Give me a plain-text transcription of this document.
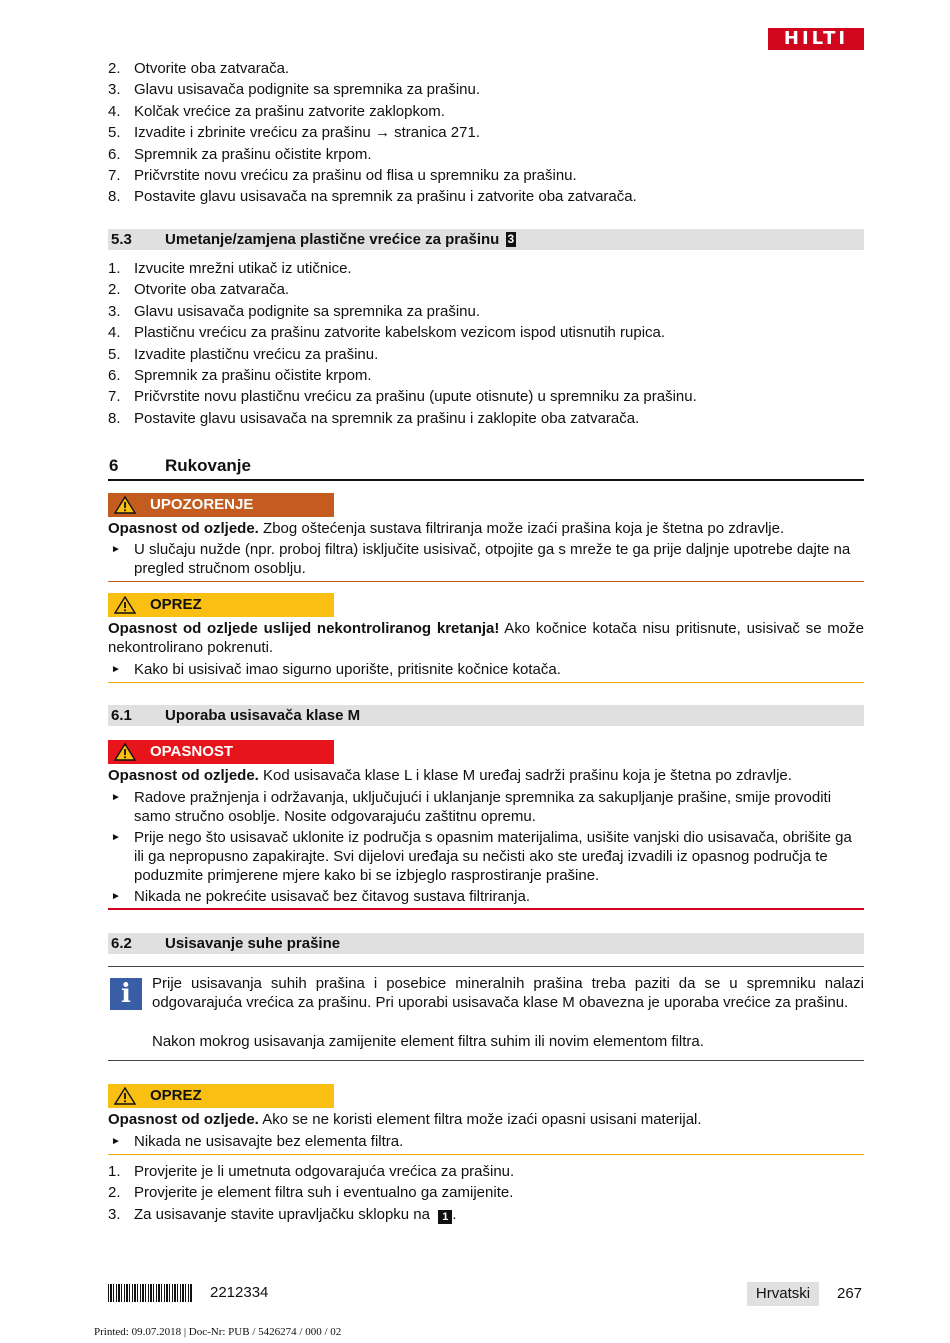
HILTI
2. Otvorite oba zatvarača.
3. Glavu usisavača podignite sa spremnika za prašinu.
4. Kolčak vrećice za prašinu zatvorite zaklopkom.
5. Izvadite i zbrinite vrećicu za prašinu → stranica 271.
6. Spremnik za prašinu očistite krpom.
7. Pričvrstite novu vrećicu za prašinu od flisa u spremniku za prašinu.
8. Postavite glavu usisavača na spremnik za prašinu i zatvorite oba zatvarača.
5.3 Umetanje/zamjena plastične vrećice za prašinu 3
1. Izvucite mrežni utikač iz utičnice.
2. Otvorite oba zatvarača.
3. Glavu usisavača podignite sa spremnika za prašinu.
4. Plastičnu vrećicu za prašinu zatvorite kabelskom vezicom ispod utisnutih rupica.
5. Izvadite plastičnu vrećicu za prašinu.
6. Spremnik za prašinu očistite krpom.
7. Pričvrstite novu plastičnu vrećicu za prašinu (upute otisnute) u spremniku za prašinu.
8. Postavite glavu usisavača na spremnik za prašinu i zaklopite oba zatvarača.
6	Rukovanje
UPOZORENJE
Opasnost od ozljede. Zbog oštećenja sustava filtriranja može izaći prašina koja je štetna po zdravlje.
► U slučaju nužde (npr. proboj filtra) isključite usisivač, otpojite ga s mreže te ga prije daljnje upotrebe dajte na pregled stručnom osoblju.
OPREZ
Opasnost od ozljede uslijed nekontroliranog kretanja! Ako kočnice kotača nisu pritisnute, usisivač se može nekontrolirano pokrenuti.
► Kako bi usisivač imao sigurno uporište, pritisnite kočnice kotača.
6.1 Uporaba usisavača klase M
OPASNOST
Opasnost od ozljede. Kod usisavača klase L i klase M uređaj sadrži prašinu koja je štetna po zdravlje.
► Radove pražnjenja i održavanja, uključujući i uklanjanje spremnika za sakupljanje prašine, smije provoditi samo stručno osoblje. Nosite odgovarajuću zaštitnu opremu.
► Prije nego što usisavač uklonite iz područja s opasnim materijalima, usišite vanjski dio usisavača, obrišite ga ili ga nepropusno zapakirajte. Svi dijelovi uređaja su nečisti ako ste uređaj izvadili iz opasnog područja te poduzmite primjerene mjere kako bi se izbjeglo rasprostiranje prašine.
► Nikada ne pokrećite usisavač bez čitavog sustava filtriranja.
6.2 Usisavanje suhe prašine
i	Prije usisavanja suhih prašina i posebice mineralnih prašina treba paziti da se u spremniku nalazi odgovarajuća vrećica za prašinu. Pri uporabi usisavača klase M obavezna je uporaba vrećice za prašinu.
Nakon mokrog usisavanja zamijenite element filtra suhim ili novim elementom filtra.
OPREZ
Opasnost od ozljede. Ako se ne koristi element filtra može izaći opasni usisani materijal.
► Nikada ne usisavajte bez elementa filtra.
1. Provjerite je li umetnuta odgovarajuća vrećica za prašinu.
2. Provjerite je element filtra suh i eventualno ga zamijenite.
3. Za usisavanje stavite upravljačku sklopku na 1 .
2212334	Hrvatski	267
Printed: 09.07.2018 | Doc-Nr: PUB / 5426274 / 000 / 02
